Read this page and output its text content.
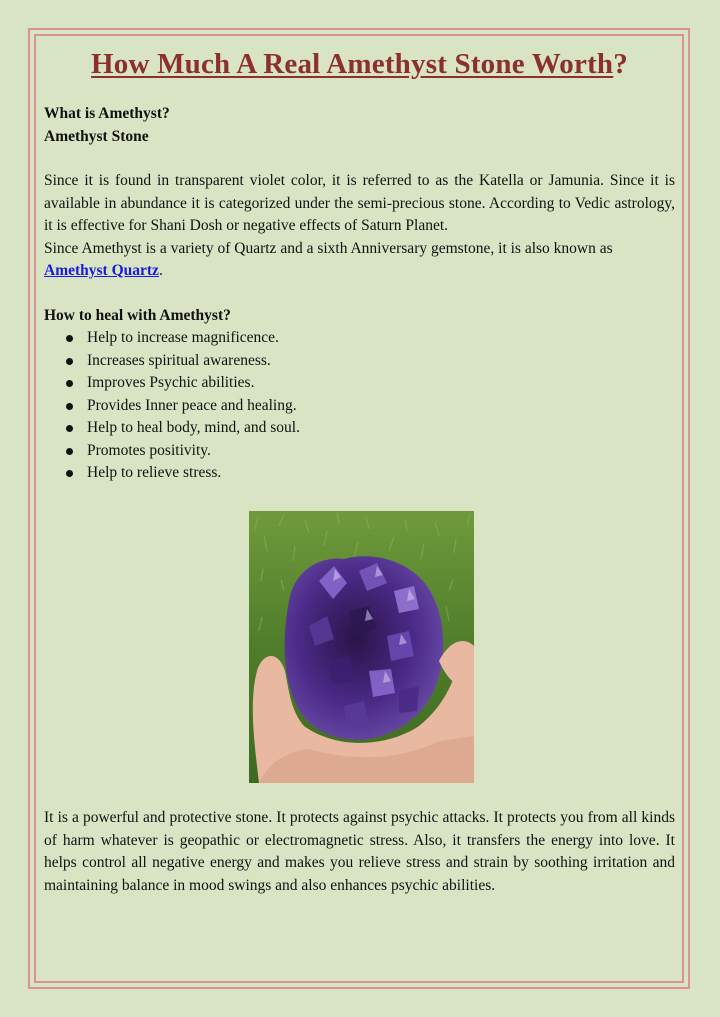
How Much A Real Amethyst Stone Worth?

What is Amethyst?

Amethyst Stone

Since it is found in transparent violet color, it is referred to as the Katella or Jamunia. Since it is available in abundance it is categorized under the semi-precious stone. According to Vedic astrology, it is effective for Shani Dosh or negative effects of Saturn Planet.

Since Amethyst is a variety of Quartz and a sixth Anniversary gemstone, it is also known as Amethyst Quartz.

How to heal with Amethyst?

Help to increase magnificence.
Increases spiritual awareness.
Improves Psychic abilities.
Provides Inner peace and healing.
Help to heal body, mind, and soul.
Promotes positivity.
Help to relieve stress.

It is a powerful and protective stone. It protects against psychic attacks. It protects you from all kinds of harm whatever is geopathic or electromagnetic stress. Also, it transfers the energy into love. It helps control all negative energy and makes you relieve stress and strain by soothing irritation and maintaining balance in mood swings and also enhances psychic abilities.
